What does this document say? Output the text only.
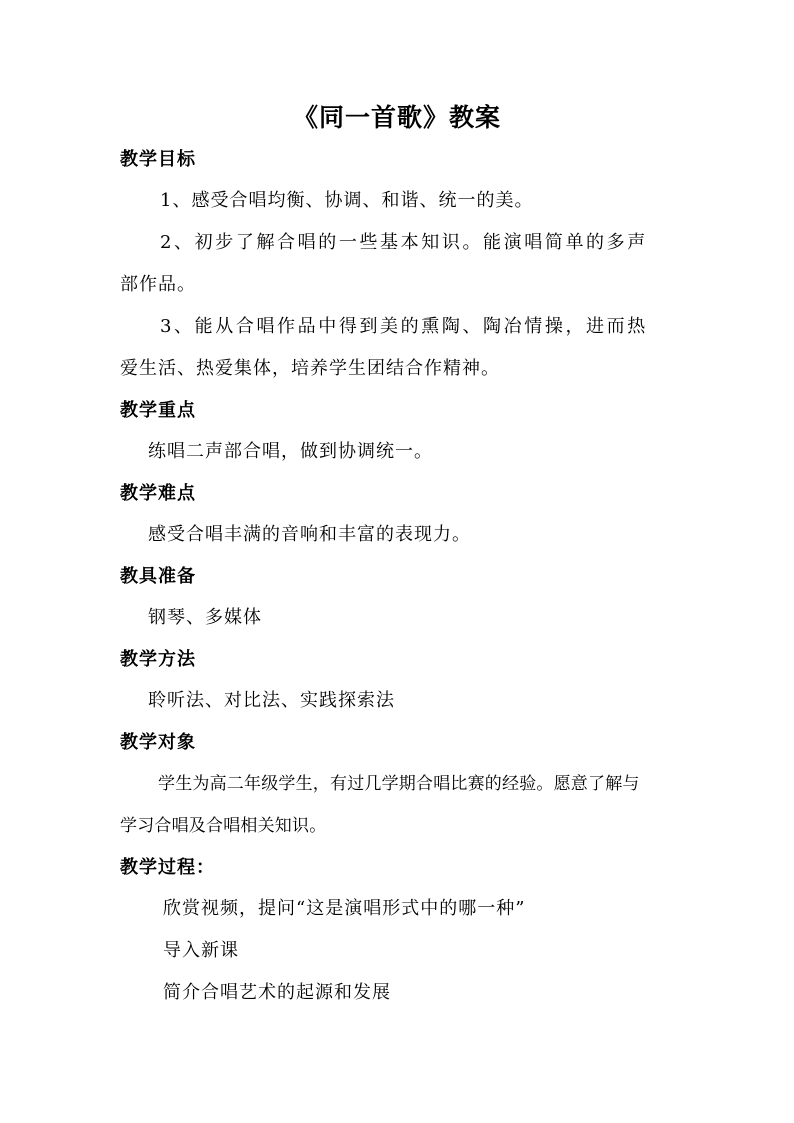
《同一首歌》教案
教学目标
1、感受合唱均衡、协调、和谐、统一的美。
2、初步了解合唱的一些基本知识。能演唱简单的多声
部作品。
3、能从合唱作品中得到美的熏陶、陶冶情操，进而热
爱生活、热爱集体，培养学生团结合作精神。
教学重点
练唱二声部合唱，做到协调统一。
教学难点
感受合唱丰满的音响和丰富的表现力。
教具准备
钢琴、多媒体
教学方法
聆听法、对比法、实践探索法
教学对象
学生为高二年级学生，有过几学期合唱比赛的经验。愿意了解与
学习合唱及合唱相关知识。
教学过程：
欣赏视频，提问“这是演唱形式中的哪一种”
导入新课
简介合唱艺术的起源和发展
